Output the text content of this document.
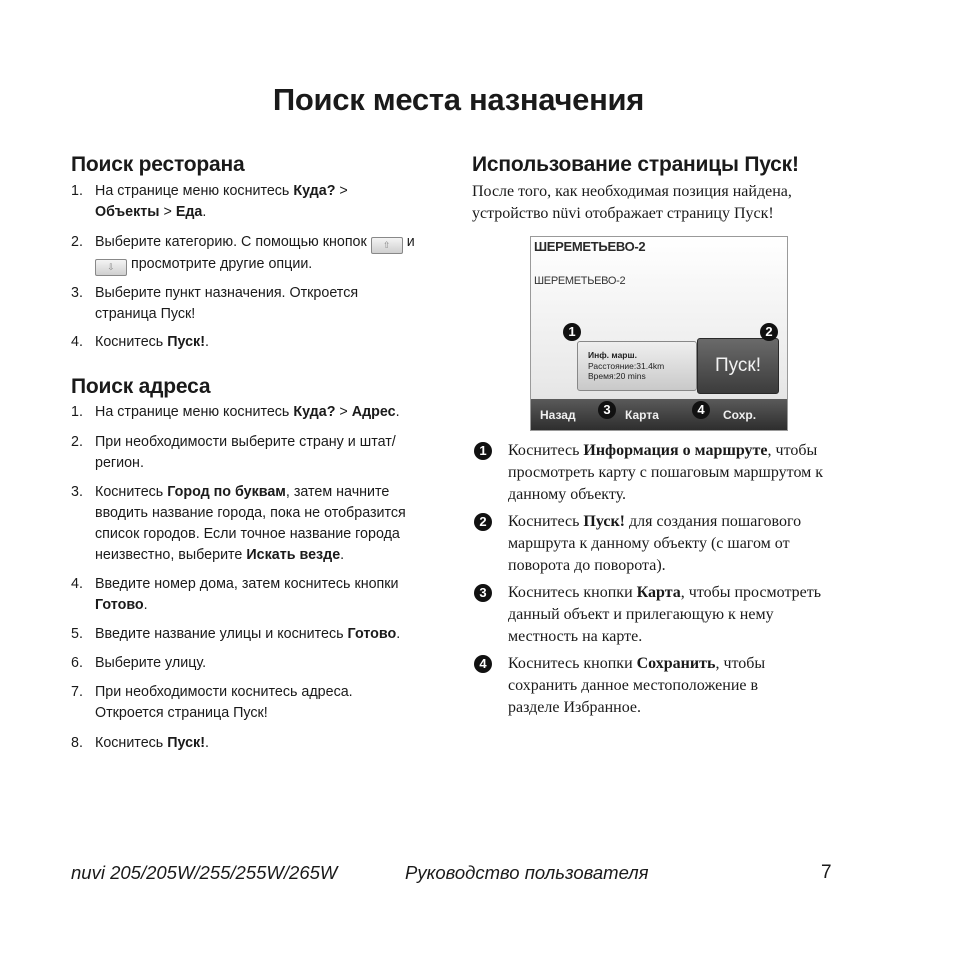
Поиск места назначения
Поиск ресторана
1. На странице меню коснитесь Куда? >
Объекты > Еда.
2. Выберите категорию. С помощью кнопок ⇧ и
⇩ просмотрите другие опции.
3. Выберите пункт назначения. Откроется страница Пуск!
4. Коснитесь Пуск!.
Поиск адреса
1. На странице меню коснитесь Куда? > Адрес.
2. При необходимости выберите страну и штат/регион.
3. Коснитесь Город по буквам, затем начните вводить название города, пока не отобразится список городов. Если точное название города неизвестно, выберите Искать везде.
4. Введите номер дома, затем коснитесь кнопки Готово.
5. Введите название улицы и коснитесь Готово.
6. Выберите улицу.
7. При необходимости коснитесь адреса. Откроется страница Пуск!
8. Коснитесь Пуск!.
Использование страницы Пуск!
После того, как необходимая позиция найдена, устройство nüvi отображает страницу Пуск!
ШЕРЕМЕТЬЕВО-2
ШЕРЕМЕТЬЕВО-2
Инф. марш.
Расстояние:31.4km
Время:20 mins	Пуск!
Назад	Карта	Сохр.
1	2
3	4
1	Коснитесь Информация о маршруте, чтобы просмотреть карту с пошаговым маршрутом к данному объекту.
2	Коснитесь Пуск! для создания пошагового маршрута к данному объекту (с шагом от поворота до поворота).
3	Коснитесь кнопки Карта, чтобы просмотреть данный объект и прилегающую к нему местность на карте.
4	Коснитесь кнопки Сохранить, чтобы сохранить данное местоположение в разделе Избранное.
nuvi 205/205W/255/255W/265W	Руководство пользователя	7
